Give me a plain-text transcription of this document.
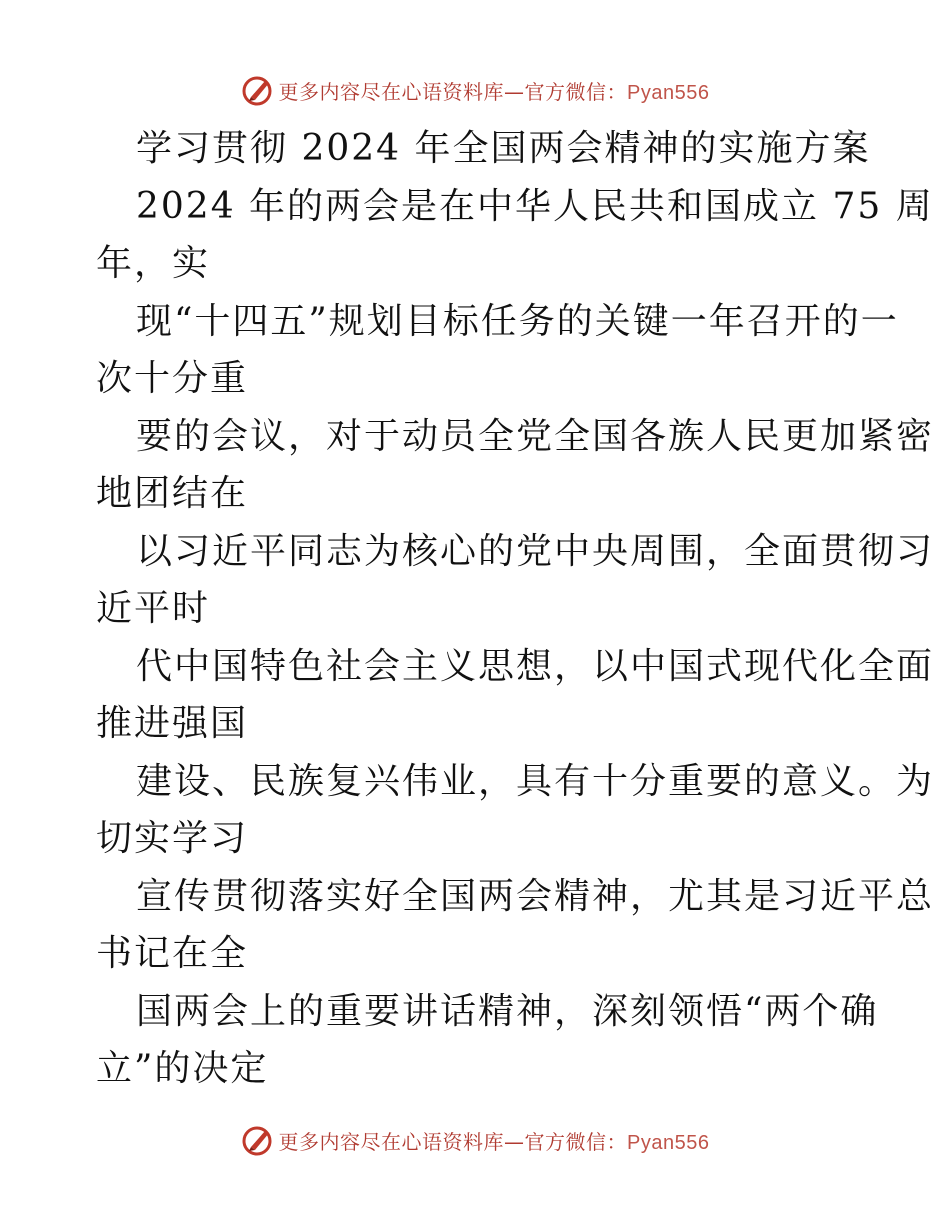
更多内容尽在心语资料库—官方微信：Pyan556
学习贯彻 2024 年全国两会精神的实施方案
2024 年的两会是在中华人民共和国成立 75 周
年，实
现“十四五”规划目标任务的关键一年召开的一
次十分重
要的会议，对于动员全党全国各族人民更加紧密
地团结在
以习近平同志为核心的党中央周围，全面贯彻习
近平时
代中国特色社会主义思想，以中国式现代化全面
推进强国
建设、民族复兴伟业，具有十分重要的意义。为
切实学习
宣传贯彻落实好全国两会精神，尤其是习近平总
书记在全
国两会上的重要讲话精神，深刻领悟“两个确
立”的决定
更多内容尽在心语资料库—官方微信：Pyan556
